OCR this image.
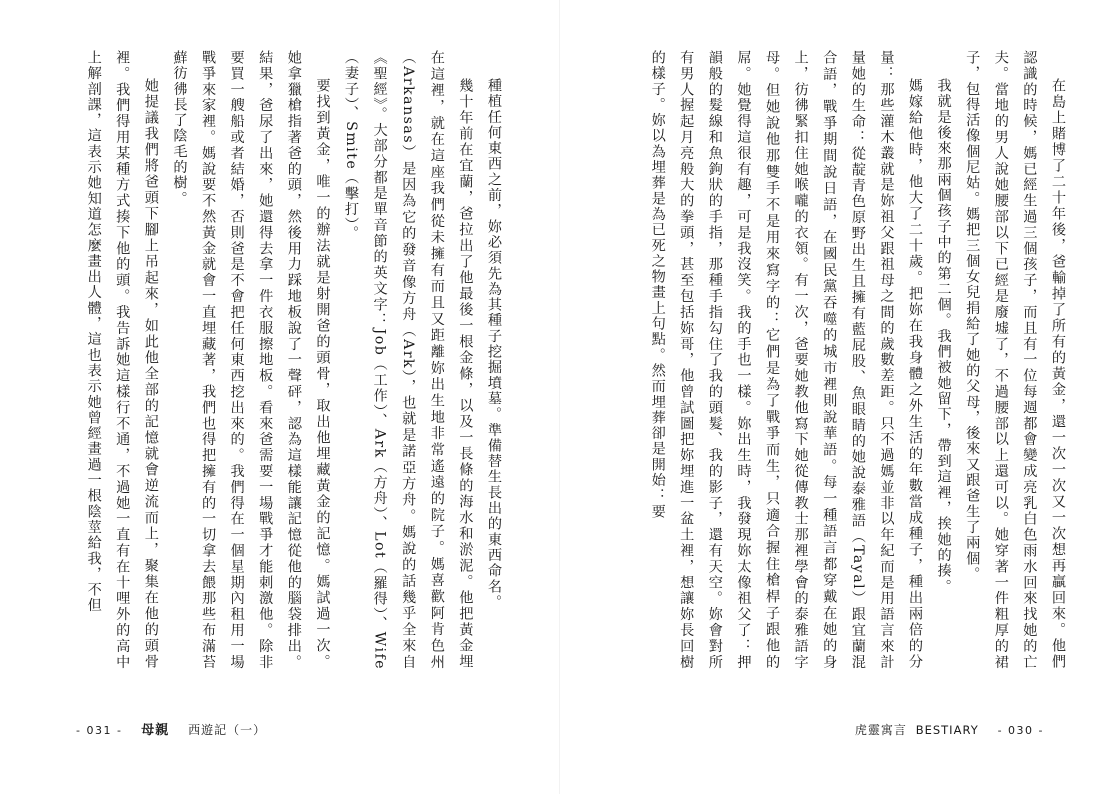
種植任何東西之前，妳必須先為其種子挖掘墳墓。準備替生長出的東西命名。

幾十年前在宜蘭，爸拉出了他最後一根金條，以及一長條的海水和淤泥。他把黃金埋在這裡，就在這座我們從未擁有而且又距離妳出生地非常遙遠的院子。媽喜歡阿肯色州（Arkansas）是因為它的發音像方舟（Ark），也就是諾亞方舟。媽說的話幾乎全來自《聖經》。大部分都是單音節的英文字：Job（工作）、Ark（方舟）、Lot（羅得）、Wife（妻子）、Smite（擊打）。

要找到黃金，唯一的辦法就是射開爸的頭骨，取出他埋藏黃金的記憶。媽試過一次。她拿獵槍指著爸的頭，然後用力踩地板說了一聲砰，認為這樣能讓記憶從他的腦袋排出。結果，爸尿了出來，她還得去拿一件衣服擦地板。看來爸需要一場戰爭才能刺激他。除非要買一艘船或者結婚，否則爸是不會把任何東西挖出來的。我們得在一個星期內租用一場戰爭來家裡。媽說要不然黃金就會一直埋藏著，我們也得把擁有的一切拿去餵那些布滿苔蘚彷彿長了陰毛的樹。

她提議我們將爸頭下腳上吊起來，如此他全部的記憶就會逆流而上，聚集在他的頭骨裡。我們得用某種方式揍下他的頭。我告訴她這樣行不通，不過她一直有在十哩外的高中上解剖課，這表示她知道怎麼畫出人體，這也表示她曾經畫過一根陰莖給我，不但

- 031 - 母親 西遊記（一）

在島上賭博了二十年後，爸輸掉了所有的黃金，還一次一次又一次想再贏回來。他們認識的時候，媽已經生過三個孩子，而且有一位每週都會變成亮乳白色雨水回來找她的亡夫。當地的男人說她腰部以下已經是廢墟了，不過腰部以上還可以。她穿著一件粗厚的裙子，包得活像個尼姑。媽把三個女兒捐給了她的父母，後來又跟爸生了兩個。

我就是後來那兩個孩子中的第二個。我們被她留下，帶到這裡，挨她的揍。

媽嫁給他時，他大了二十歲。把妳在我身體之外生活的年數當成種子，種出兩倍的分量：那些灌木叢就是妳祖父跟祖母之間的歲數差距。只不過媽並非以年紀而是用語言來計量她的生命：從靛青色原野出生且擁有藍屁股、魚眼睛的她說泰雅語（Tayal）跟宜蘭混合語，戰爭期間說日語，在國民黨吞噬的城市裡則說華語。每一種語言都穿戴在她的身上，彷彿緊扣住她喉嚨的衣領。有一次，爸要她教他寫下她從傳教士那裡學會的泰雅語字母。但她說他那雙手不是用來寫字的：它們是為了戰爭而生，只適合握住槍桿子跟他的屌。她覺得這很有趣，可是我沒笑。我的手也一樣。妳出生時，我發現妳太像祖父了：押韻般的髮線和魚鉤狀的手指，那種手指勾住了我的頭髮、我的影子，還有天空。妳會對所有男人握起月亮般大的拳頭，甚至包括妳哥，他曾試圖把妳埋進一盆土裡，想讓妳長回樹的樣子。妳以為埋葬是為已死之物畫上句點。然而埋葬卻是開始：要

虎靈寓言 BESTIARY - 030 -
